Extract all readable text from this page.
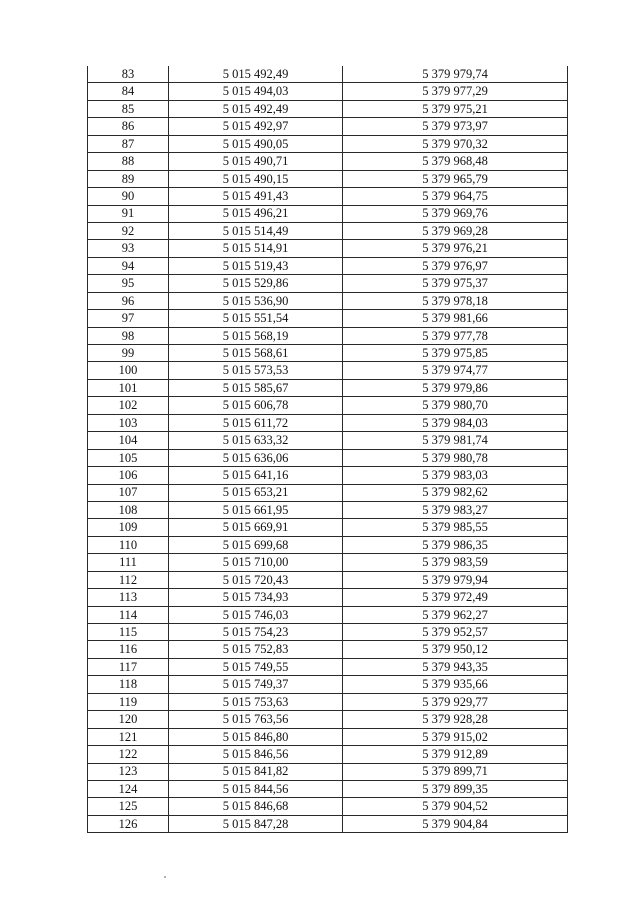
83	5 015 492,49	5 379 979,74
84	5 015 494,03	5 379 977,29
85	5 015 492,49	5 379 975,21
86	5 015 492,97	5 379 973,97
87	5 015 490,05	5 379 970,32
88	5 015 490,71	5 379 968,48
89	5 015 490,15	5 379 965,79
90	5 015 491,43	5 379 964,75
91	5 015 496,21	5 379 969,76
92	5 015 514,49	5 379 969,28
93	5 015 514,91	5 379 976,21
94	5 015 519,43	5 379 976,97
95	5 015 529,86	5 379 975,37
96	5 015 536,90	5 379 978,18
97	5 015 551,54	5 379 981,66
98	5 015 568,19	5 379 977,78
99	5 015 568,61	5 379 975,85
100	5 015 573,53	5 379 974,77
101	5 015 585,67	5 379 979,86
102	5 015 606,78	5 379 980,70
103	5 015 611,72	5 379 984,03
104	5 015 633,32	5 379 981,74
105	5 015 636,06	5 379 980,78
106	5 015 641,16	5 379 983,03
107	5 015 653,21	5 379 982,62
108	5 015 661,95	5 379 983,27
109	5 015 669,91	5 379 985,55
110	5 015 699,68	5 379 986,35
111	5 015 710,00	5 379 983,59
112	5 015 720,43	5 379 979,94
113	5 015 734,93	5 379 972,49
114	5 015 746,03	5 379 962,27
115	5 015 754,23	5 379 952,57
116	5 015 752,83	5 379 950,12
117	5 015 749,55	5 379 943,35
118	5 015 749,37	5 379 935,66
119	5 015 753,63	5 379 929,77
120	5 015 763,56	5 379 928,28
121	5 015 846,80	5 379 915,02
122	5 015 846,56	5 379 912,89
123	5 015 841,82	5 379 899,71
124	5 015 844,56	5 379 899,35
125	5 015 846,68	5 379 904,52
126	5 015 847,28	5 379 904,84
